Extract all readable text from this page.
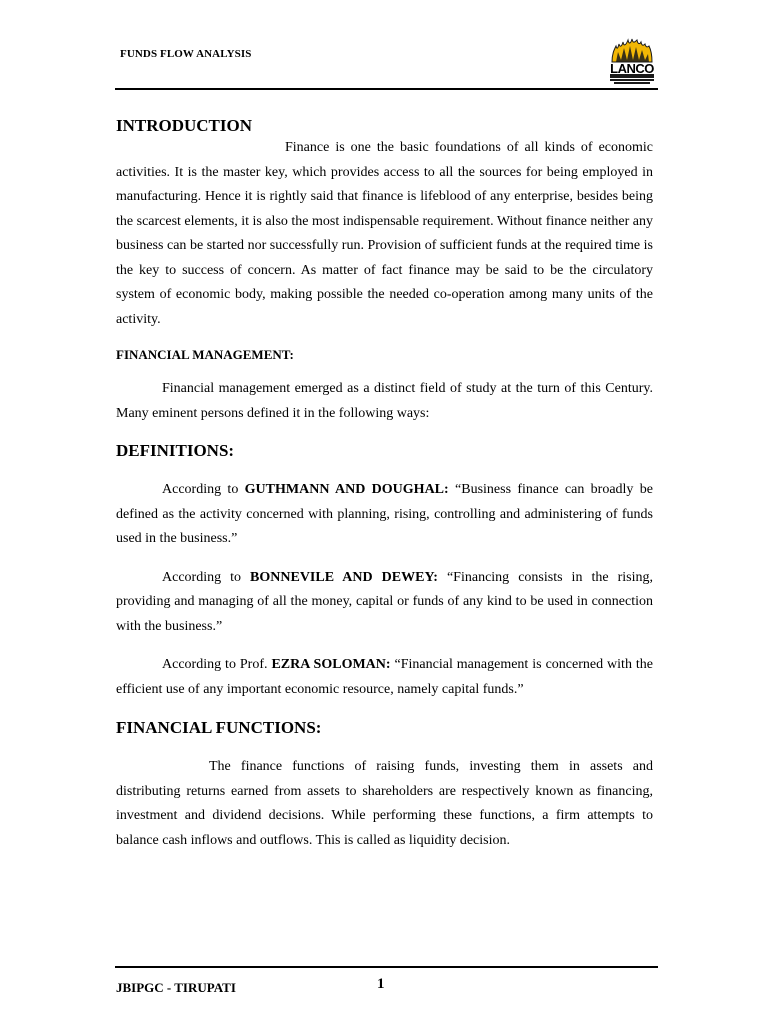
FUNDS FLOW ANALYSIS
LANCO

INTRODUCTION

Finance is one the basic foundations of all kinds of economic activities. It is the master key, which provides access to all the sources for being employed in manufacturing. Hence it is rightly said that finance is lifeblood of any enterprise, besides being the scarcest elements, it is also the most indispensable requirement. Without finance neither any business can be started nor successfully run. Provision of sufficient funds at the required time is the key to success of concern. As matter of fact finance may be said to be the circulatory system of economic body, making possible the needed co-operation among many units of the activity.

FINANCIAL MANAGEMENT:

Financial management emerged as a distinct field of study at the turn of this Century. Many eminent persons defined it in the following ways:

DEFINITIONS:

According to GUTHMANN AND DOUGHAL: “Business finance can broadly be defined as the activity concerned with planning, rising, controlling and administering of funds used in the business.”

According to BONNEVILE AND DEWEY: “Financing consists in the rising, providing and managing of all the money, capital or funds of any kind to be used in connection with the business.”

According to Prof. EZRA SOLOMAN: “Financial management is concerned with the efficient use of any important economic resource, namely capital funds.”

FINANCIAL FUNCTIONS:

The finance functions of raising funds, investing them in assets and distributing returns earned from assets to shareholders are respectively known as financing, investment and dividend decisions. While performing these functions, a firm attempts to balance cash inflows and outflows. This is called as liquidity decision.

JBIPGC - TIRUPATI	1
